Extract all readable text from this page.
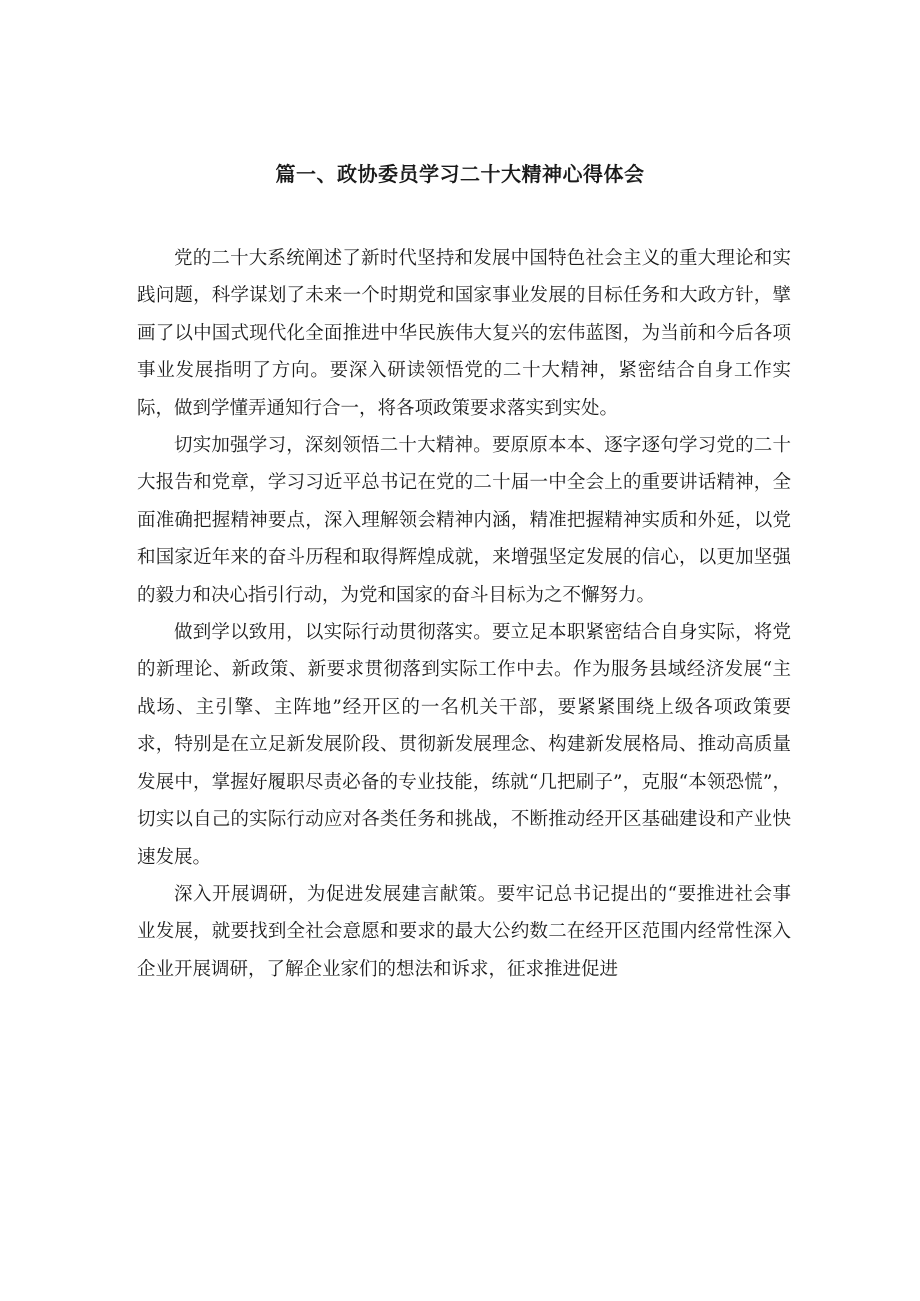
篇一、政协委员学习二十大精神心得体会

党的二十大系统阐述了新时代坚持和发展中国特色社会主义的重大理论和实践问题，科学谋划了未来一个时期党和国家事业发展的目标任务和大政方针，擘画了以中国式现代化全面推进中华民族伟大复兴的宏伟蓝图，为当前和今后各项事业发展指明了方向。要深入研读领悟党的二十大精神，紧密结合自身工作实际，做到学懂弄通知行合一，将各项政策要求落实到实处。

切实加强学习，深刻领悟二十大精神。要原原本本、逐字逐句学习党的二十大报告和党章，学习习近平总书记在党的二十届一中全会上的重要讲话精神，全面准确把握精神要点，深入理解领会精神内涵，精准把握精神实质和外延，以党和国家近年来的奋斗历程和取得辉煌成就，来增强坚定发展的信心，以更加坚强的毅力和决心指引行动，为党和国家的奋斗目标为之不懈努力。

做到学以致用，以实际行动贯彻落实。要立足本职紧密结合自身实际，将党的新理论、新政策、新要求贯彻落到实际工作中去。作为服务县域经济发展“主战场、主引擎、主阵地”经开区的一名机关干部，要紧紧围绕上级各项政策要求，特别是在立足新发展阶段、贯彻新发展理念、构建新发展格局、推动高质量发展中，掌握好履职尽责必备的专业技能，练就“几把刷子”，克服“本领恐慌”，切实以自己的实际行动应对各类任务和挑战，不断推动经开区基础建设和产业快速发展。

深入开展调研，为促进发展建言献策。要牢记总书记提出的“要推进社会事业发展，就要找到全社会意愿和要求的最大公约数二在经开区范围内经常性深入企业开展调研，了解企业家们的想法和诉求，征求推进促进
